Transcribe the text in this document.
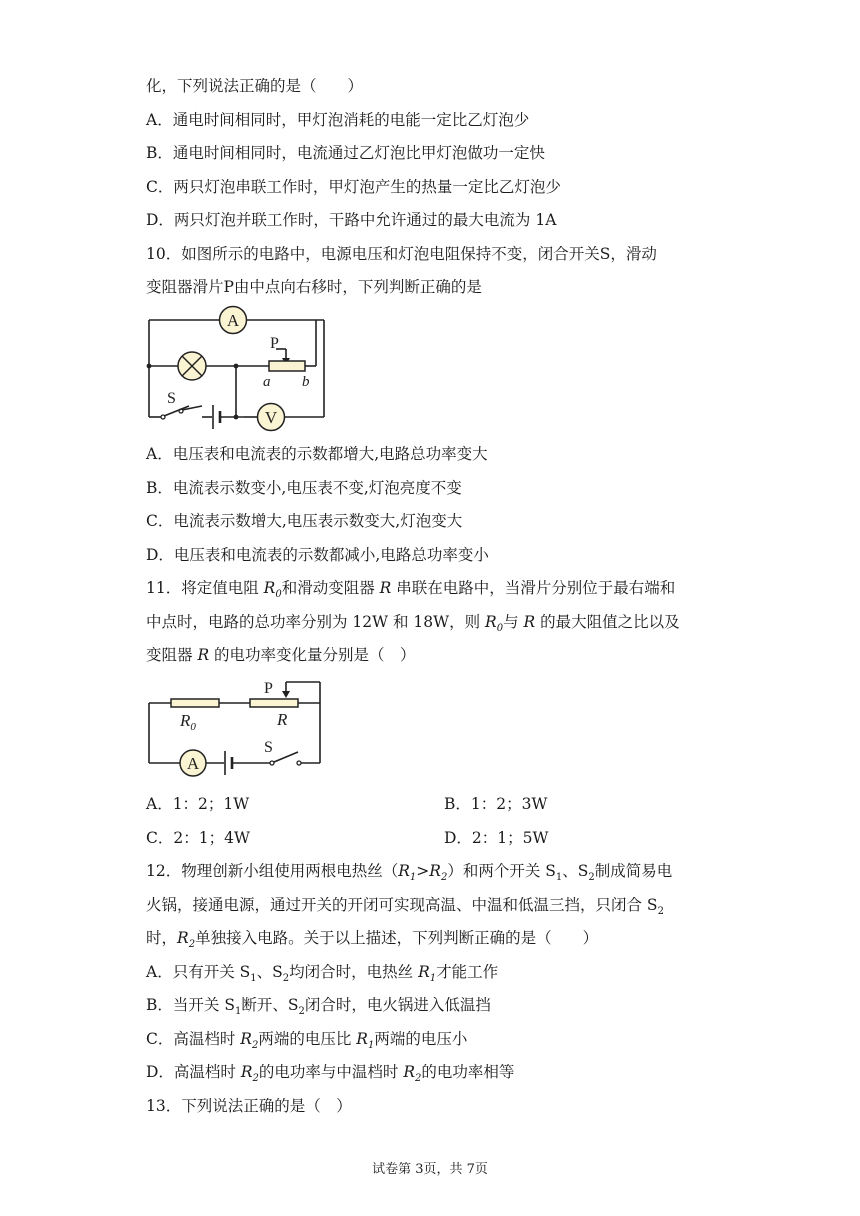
化，下列说法正确的是（　　）
A．通电时间相同时，甲灯泡消耗的电能一定比乙灯泡少
B．通电时间相同时，电流通过乙灯泡比甲灯泡做功一定快
C．两只灯泡串联工作时，甲灯泡产生的热量一定比乙灯泡少
D．两只灯泡并联工作时，干路中允许通过的最大电流为 1A
10．如图所示的电路中，电源电压和灯泡电阻保持不变，闭合开关S，滑动
变阻器滑片P由中点向右移时，下列判断正确的是
A
P
a b
S
V
A．电压表和电流表的示数都增大,电路总功率变大
B．电流表示数变小,电压表不变,灯泡亮度不变
C．电流表示数增大,电压表示数变大,灯泡变大
D．电压表和电流表的示数都减小,电路总功率变小
11．将定值电阻 $R_0$和滑动变阻器 R 串联在电路中，当滑片分别位于最右端和
中点时，电路的总功率分别为 12W 和 18W，则 $R_0$与 R 的最大阻值之比以及
变阻器 R 的电功率变化量分别是（　）
$R_0$	R
P
A
S
A．1：2；1W	B．1：2；3W
C．2：1；4W	D．2：1；5W
12．物理创新小组使用两根电热丝$(R_1>R_2)$和两个开关 $S_1$、$S_2$制成简易电
火锅，接通电源，通过开关的开闭可实现高温、中温和低温三挡，只闭合 $S_2$
时，$R_2$单独接入电路。关于以上描述，下列判断正确的是（　　）
A．只有开关 $S_1$、$S_2$均闭合时，电热丝 $R_1$才能工作
B．当开关 $S_1$断开、$S_2$闭合时，电火锅进入低温挡
C．高温档时 $R_2$两端的电压比 $R_1$两端的电压小
D．高温档时 $R_2$的电功率与中温档时 $R_2$的电功率相等
13．下列说法正确的是（　）
试卷第 3页，共 7页
